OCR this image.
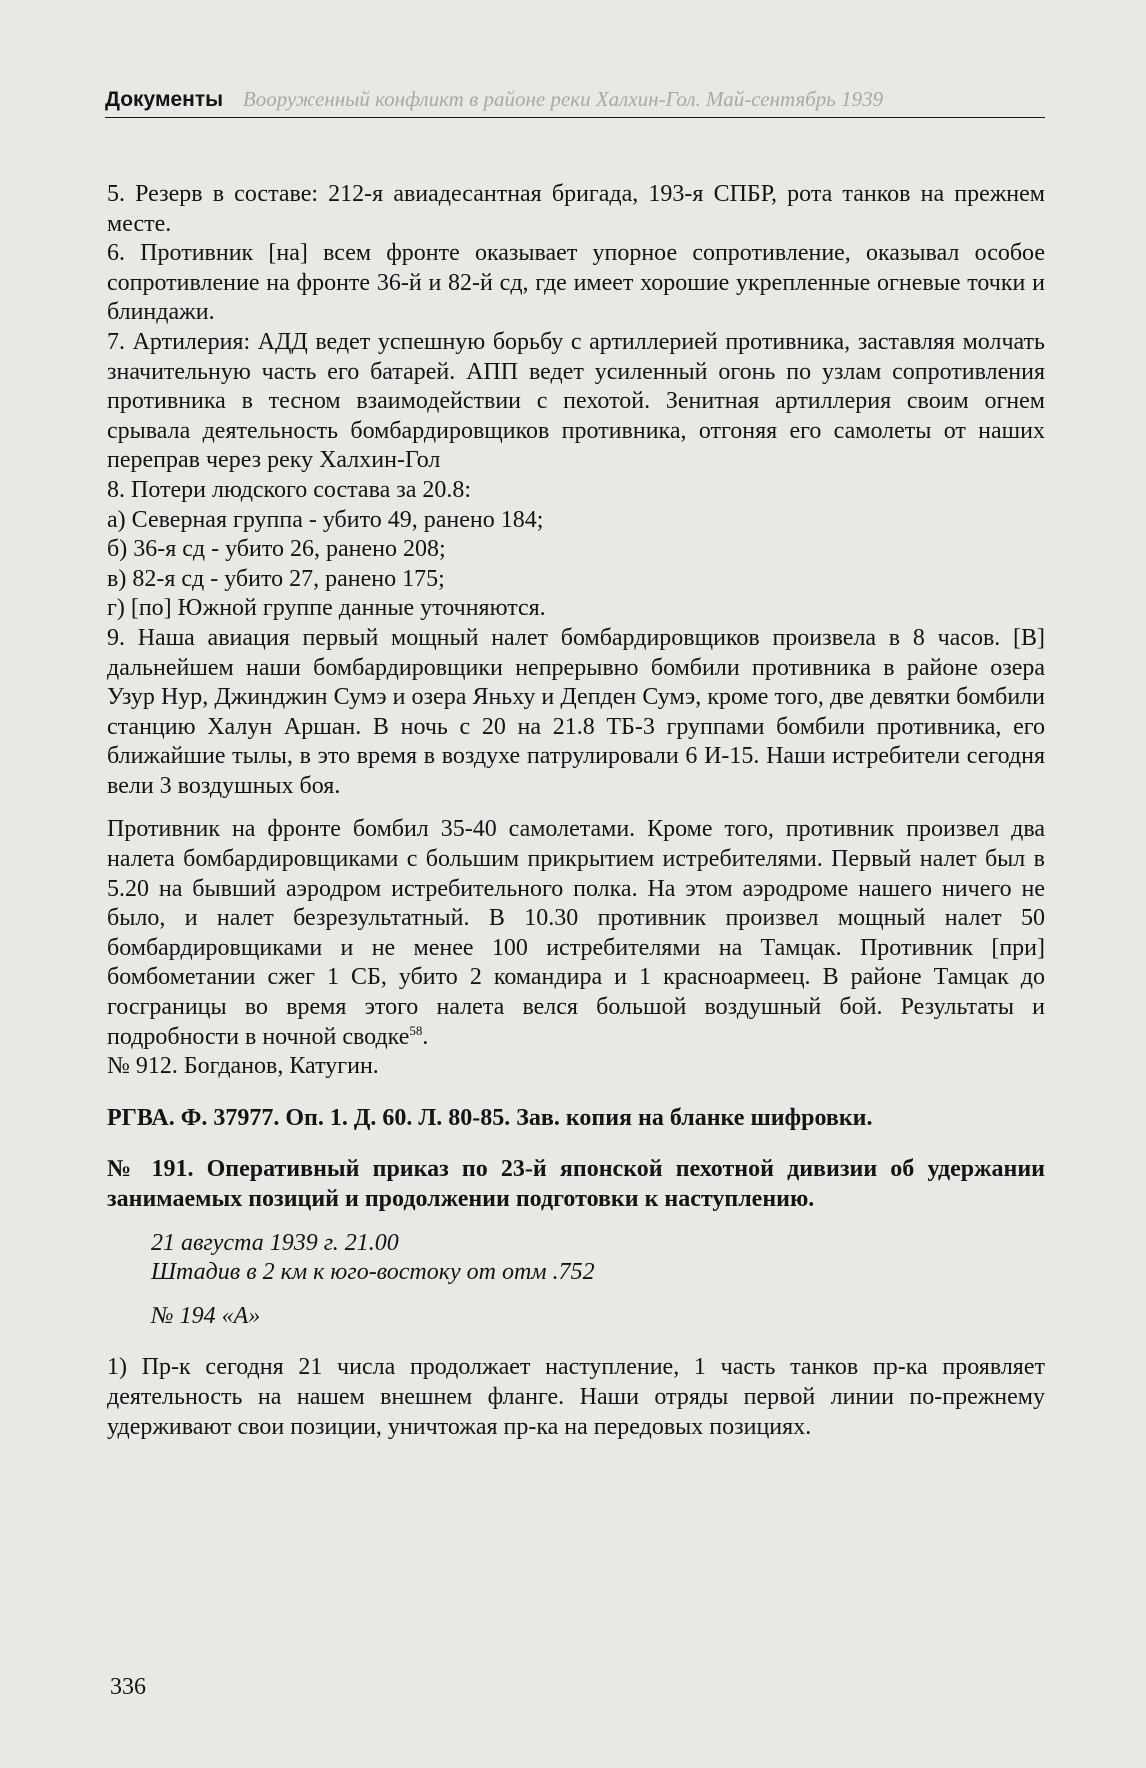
Документы Вооруженный конфликт в районе реки Халхин-Гол. Май-сентябрь 1939

5. Резерв в составе: 212-я авиадесантная бригада, 193-я СПБР, рота танков на прежнем месте.

6. Противник [на] всем фронте оказывает упорное сопротивление, оказывал особое сопротивление на фронте 36-й и 82-й сд, где имеет хорошие укрепленные огневые точки и блиндажи.

7. Артилерия: АДД ведет успешную борьбу с артиллерией противника, заставляя молчать значительную часть его батарей. АПП ведет усиленный огонь по узлам сопротивления противника в тесном взаимодействии с пехотой. Зенитная артиллерия своим огнем срывала деятельность бомбардировщиков противника, отгоняя его самолеты от наших переправ через реку Халхин-Гол

8. Потери людского состава за 20.8:

а) Северная группа - убито 49, ранено 184;

б) 36-я сд - убито 26, ранено 208;

в) 82-я сд - убито 27, ранено 175;

г) [по] Южной группе данные уточняются.

9. Наша авиация первый мощный налет бомбардировщиков произвела в 8 часов. [В] дальнейшем наши бомбардировщики непрерывно бомбили противника в районе озера Узур Нур, Джинджин Сумэ и озера Яньху и Депден Сумэ, кроме того, две девятки бомбили станцию Халун Аршан. В ночь с 20 на 21.8 ТБ-3 группами бомбили противника, его ближайшие тылы, в это время в воздухе патрулировали 6 И-15. Наши истребители сегодня вели 3 воздушных боя.

Противник на фронте бомбил 35-40 самолетами. Кроме того, противник произвел два налета бомбардировщиками с большим прикрытием истребителями. Первый налет был в 5.20 на бывший аэродром истребительного полка. На этом аэродроме нашего ничего не было, и налет безрезультатный. В 10.30 противник произвел мощный налет 50 бомбардировщиками и не менее 100 истребителями на Тамцак. Противник [при] бомбометании сжег 1 СБ, убито 2 командира и 1 красноармеец. В районе Тамцак до госграницы во время этого налета велся большой воздушный бой. Результаты и подробности в ночной сводке$^{58}$.

№ 912. Богданов, Катугин.

РГВА. Ф. 37977. Оп. 1. Д. 60. Л. 80-85. Зав. копия на бланке шифровки.

№ 191. Оперативный приказ по 23-й японской пехотной дивизии об удержании занимаемых позиций и продолжении подготовки к наступлению.

21 августа 1939 г. 21.00

Штадив в 2 км к юго-востоку от отм .752

№ 194 «А»

1) Пр-к сегодня 21 числа продолжает наступление, 1 часть танков пр-ка проявляет деятельность на нашем внешнем фланге. Наши отряды первой линии по-прежнему удерживают свои позиции, уничтожая пр-ка на передовых позициях.

336
